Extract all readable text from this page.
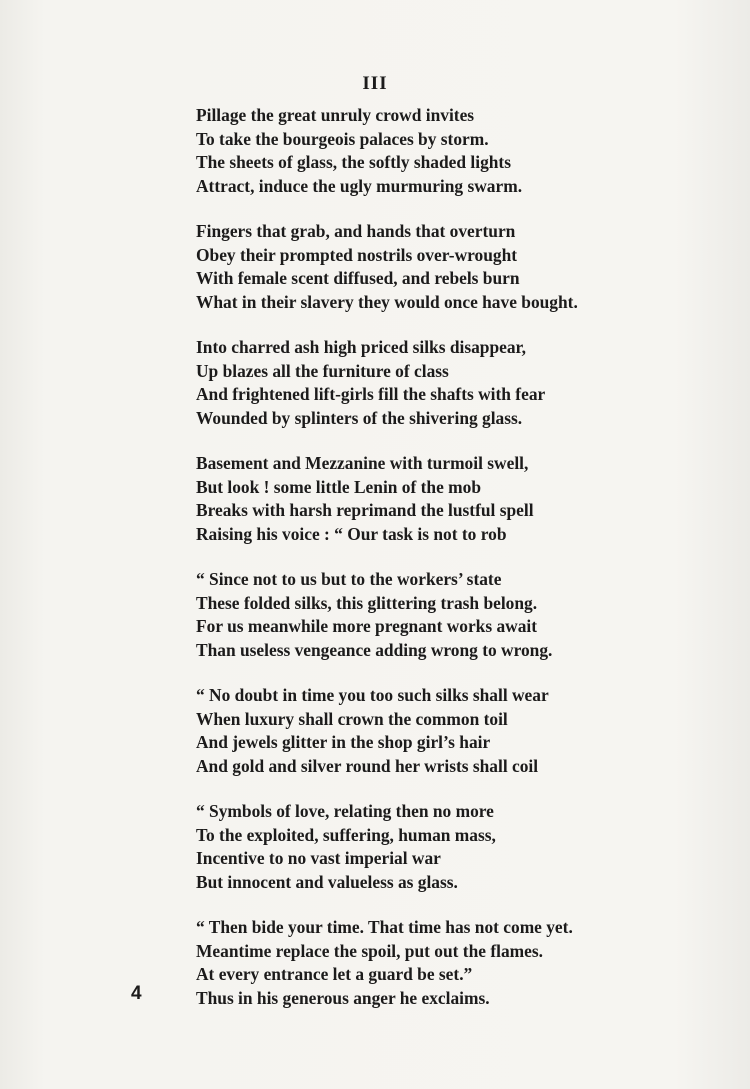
III
Pillage the great unruly crowd invites
To take the bourgeois palaces by storm.
The sheets of glass, the softly shaded lights
Attract, induce the ugly murmuring swarm.
Fingers that grab, and hands that overturn
Obey their prompted nostrils over-wrought
With female scent diffused, and rebels burn
What in their slavery they would once have bought.
Into charred ash high priced silks disappear,
Up blazes all the furniture of class
And frightened lift-girls fill the shafts with fear
Wounded by splinters of the shivering glass.
Basement and Mezzanine with turmoil swell,
But look ! some little Lenin of the mob
Breaks with harsh reprimand the lustful spell
Raising his voice : “ Our task is not to rob
“ Since not to us but to the workers’ state
These folded silks, this glittering trash belong.
For us meanwhile more pregnant works await
Than useless vengeance adding wrong to wrong.
“ No doubt in time you too such silks shall wear
When luxury shall crown the common toil
And jewels glitter in the shop girl’s hair
And gold and silver round her wrists shall coil
“ Symbols of love, relating then no more
To the exploited, suffering, human mass,
Incentive to no vast imperial war
But innocent and valueless as glass.
“ Then bide your time. That time has not come yet.
Meantime replace the spoil, put out the flames.
At every entrance let a guard be set.”
Thus in his generous anger he exclaims.
4
